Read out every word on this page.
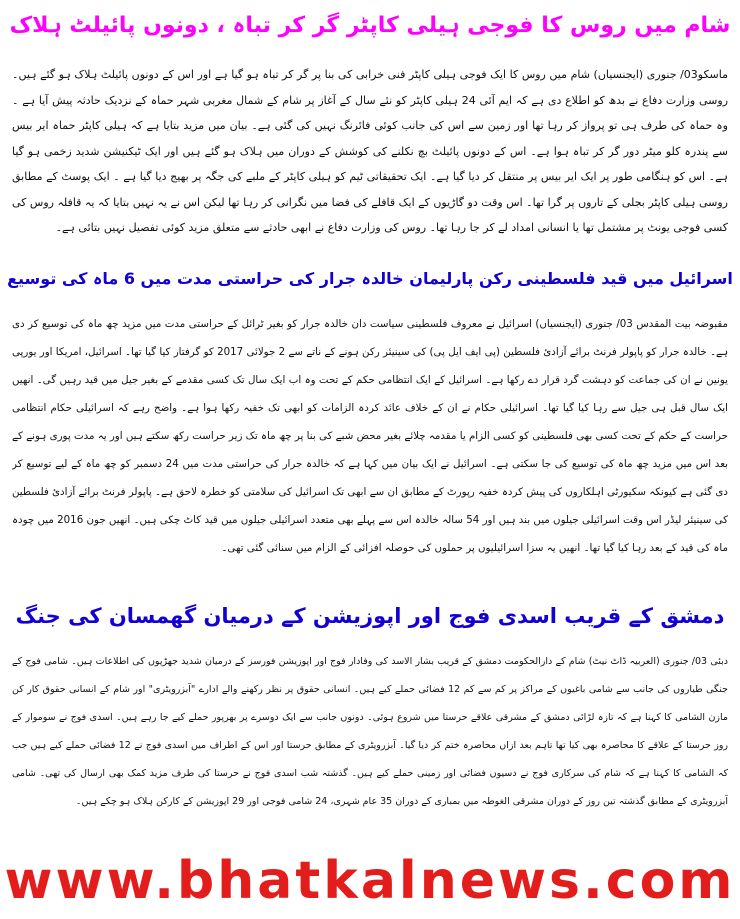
شام میں روس کا فوجی ہیلی کاپٹر گر کر تباہ ، دونوں پائیلٹ ہلاک

ماسکو03/ جنوری (ایجنسیاں) شام میں روس کا ایک فوجی ہیلی کاپٹر فنی خرابی کی بنا پر گر کر تباہ ہو گیا ہے اور اس کے دونوں پائیلٹ ہلاک ہو گئے ہیں۔ روسی وزارت دفاع نے بدھ کو اطلاع دی ہے کہ ایم آئی 24 ہیلی کاپٹر کو نئے سال کے آغاز پر شام کے شمال مغربی شہر حماہ کے نزدیک حادثہ پیش آیا ہے ۔ وہ حماہ کی طرف ہی تو پرواز کر رہا تھا اور زمین سے اس کی جانب کوئی فائرنگ نہیں کی گئی ہے۔ بیان میں مزید بتایا ہے کہ ہیلی کاپٹر حماہ ایر بیس سے پندرہ کلو میٹر دور گر کر تباہ ہوا ہے۔ اس کے دونوں پائیلٹ بچ نکلنے کی کوشش کے دوران میں ہلاک ہو گئے ہیں اور ایک ٹیکنیشن شدید زخمی ہو گیا ہے۔ اس کو ہنگامی طور پر ایک ایر بیس پر منتقل کر دیا گیا ہے۔ ایک تحقیقاتی ٹیم کو ہیلی کاپٹر کے ملبے کی جگہ پر بھیج دیا گیا ہے ۔ ایک پوسٹ کے مطابق روسی ہیلی کاپٹر بجلی کے تاروں پر گرا تھا۔ اس وقت دو گاڑیوں کے ایک قافلے کی فضا میں نگرانی کر رہا تھا لیکن اس نے یہ نہیں بتایا کہ یہ قافلہ روس کی کسی فوجی یونٹ پر مشتمل تھا یا انسانی امداد لے کر جا رہا تھا۔ روس کی وزارت دفاع نے ابھی حادثے سے متعلق مزید کوئی تفصیل نہیں بتائی ہے۔

اسرائیل میں قید فلسطینی رکن پارلیمان خالدہ جرار کی حراستی مدت میں 6 ماہ کی توسیع

مقبوضہ بیت المقدس 03/ جنوری (ایجنسیاں) اسرائیل نے معروف فلسطینی سیاست دان خالدہ جرار کو بغیر ٹرائل کے حراستی مدت میں مزید چھ ماہ کی توسیع کر دی ہے۔ خالدہ جرار کو پاپولر فرنٹ برائے آزادیٔ فلسطین (پی ایف ایل پی) کی سینیئر رکن ہونے کے ناتے سے 2 جولائی 2017 کو گرفتار کیا گیا تھا۔ اسرائیل، امریکا اور یورپی یونین نے ان کی جماعت کو دہشت گرد قرار دے رکھا ہے۔ اسرائیل کے ایک انتظامی حکم کے تحت وہ اب ایک سال تک کسی مقدمے کے بغیر جیل میں قید رہیں گی۔ انھیں ایک سال قبل ہی جیل سے رہا کیا گیا تھا۔ اسرائیلی حکام نے ان کے خلاف عائد کردہ الزامات کو ابھی تک خفیہ رکھا ہوا ہے۔ واضح رہے کہ اسرائیلی حکام انتظامی حراست کے حکم کے تحت کسی بھی فلسطینی کو کسی الزام یا مقدمہ چلائے بغیر محض شبے کی بنا پر چھ ماہ تک زیر حراست رکھ سکتے ہیں اور یہ مدت پوری ہونے کے بعد اس میں مزید چھ ماہ کی توسیع کی جا سکتی ہے۔ اسرائیل نے ایک بیان میں کہا ہے کہ خالدہ جرار کی حراستی مدت میں 24 دسمبر کو چھ ماہ کے لیے توسیع کر دی گئی ہے کیونکہ سکیورٹی اہلکاروں کی پیش کردہ خفیہ رپورٹ کے مطابق ان سے ابھی تک اسرائیل کی سلامتی کو خطرہ لاحق ہے۔ پاپولر فرنٹ برائے آزادیٔ فلسطین کی سینیئر لیڈر اس وقت اسرائیلی جیلوں میں بند ہیں اور 54 سالہ خالدہ اس سے پہلے بھی متعدد اسرائیلی جیلوں میں قید کاٹ چکی ہیں۔ انھیں جون 2016 میں چودہ ماہ کی قید کے بعد رہا کیا گیا تھا۔ انھیں یہ سزا اسرائیلیوں پر حملوں کی حوصلہ افزائی کے الزام میں سنائی گئی تھی۔

دمشق کے قریب اسدی فوج اور اپوزیشن کے درمیان گھمسان کی جنگ

دبئی 03/ جنوری (العربیہ ڈاٹ نیٹ) شام کے دارالحکومت دمشق کے قریب بشار الاسد کی وفادار فوج اور اپوزیشن فورسز کے درمیان شدید جھڑپوں کی اطلاعات ہیں۔ شامی فوج کے جنگی طیاروں کی جانب سے شامی باغیوں کے مراکز پر کم سے کم 12 فضائی حملے کیے ہیں۔ انسانی حقوق پر نظر رکھنے والے ادارے "آبزرویٹری" اور شام کے انسانی حقوق کار کن مازن الشامی کا کہنا ہے کہ تازہ لڑائی دمشق کے مشرقی علاقے حرستا میں شروع ہوئی۔ دونوں جانب سے ایک دوسرے پر بھرپور حملے کیے جا رہے ہیں۔ اسدی فوج نے سوموار کے روز حرستا کے علاقے کا محاصرہ بھی کیا تھا تاہم بعد ازاں محاصرہ ختم کر دیا گیا۔ آبزرویٹری کے مطابق حرستا اور اس کے اطراف میں اسدی فوج نے 12 فضائی حملے کیے ہیں جب کہ الشامی کا کہنا ہے کہ شام کی سرکاری فوج نے دسیوں فضائی اور زمینی حملے کیے ہیں۔ گذشتہ شب اسدی فوج نے حرستا کی طرف مزید کمک بھی ارسال کی تھی۔ شامی آبزرویٹری کے مطابق گذشتہ تین روز کے دوران مشرقی الغوطہ میں بمباری کے دوران 35 عام شہری، 24 شامی فوجی اور 29 اپوزیشن کے کارکن ہلاک ہو چکے ہیں۔

www.bhatkalnews.com
